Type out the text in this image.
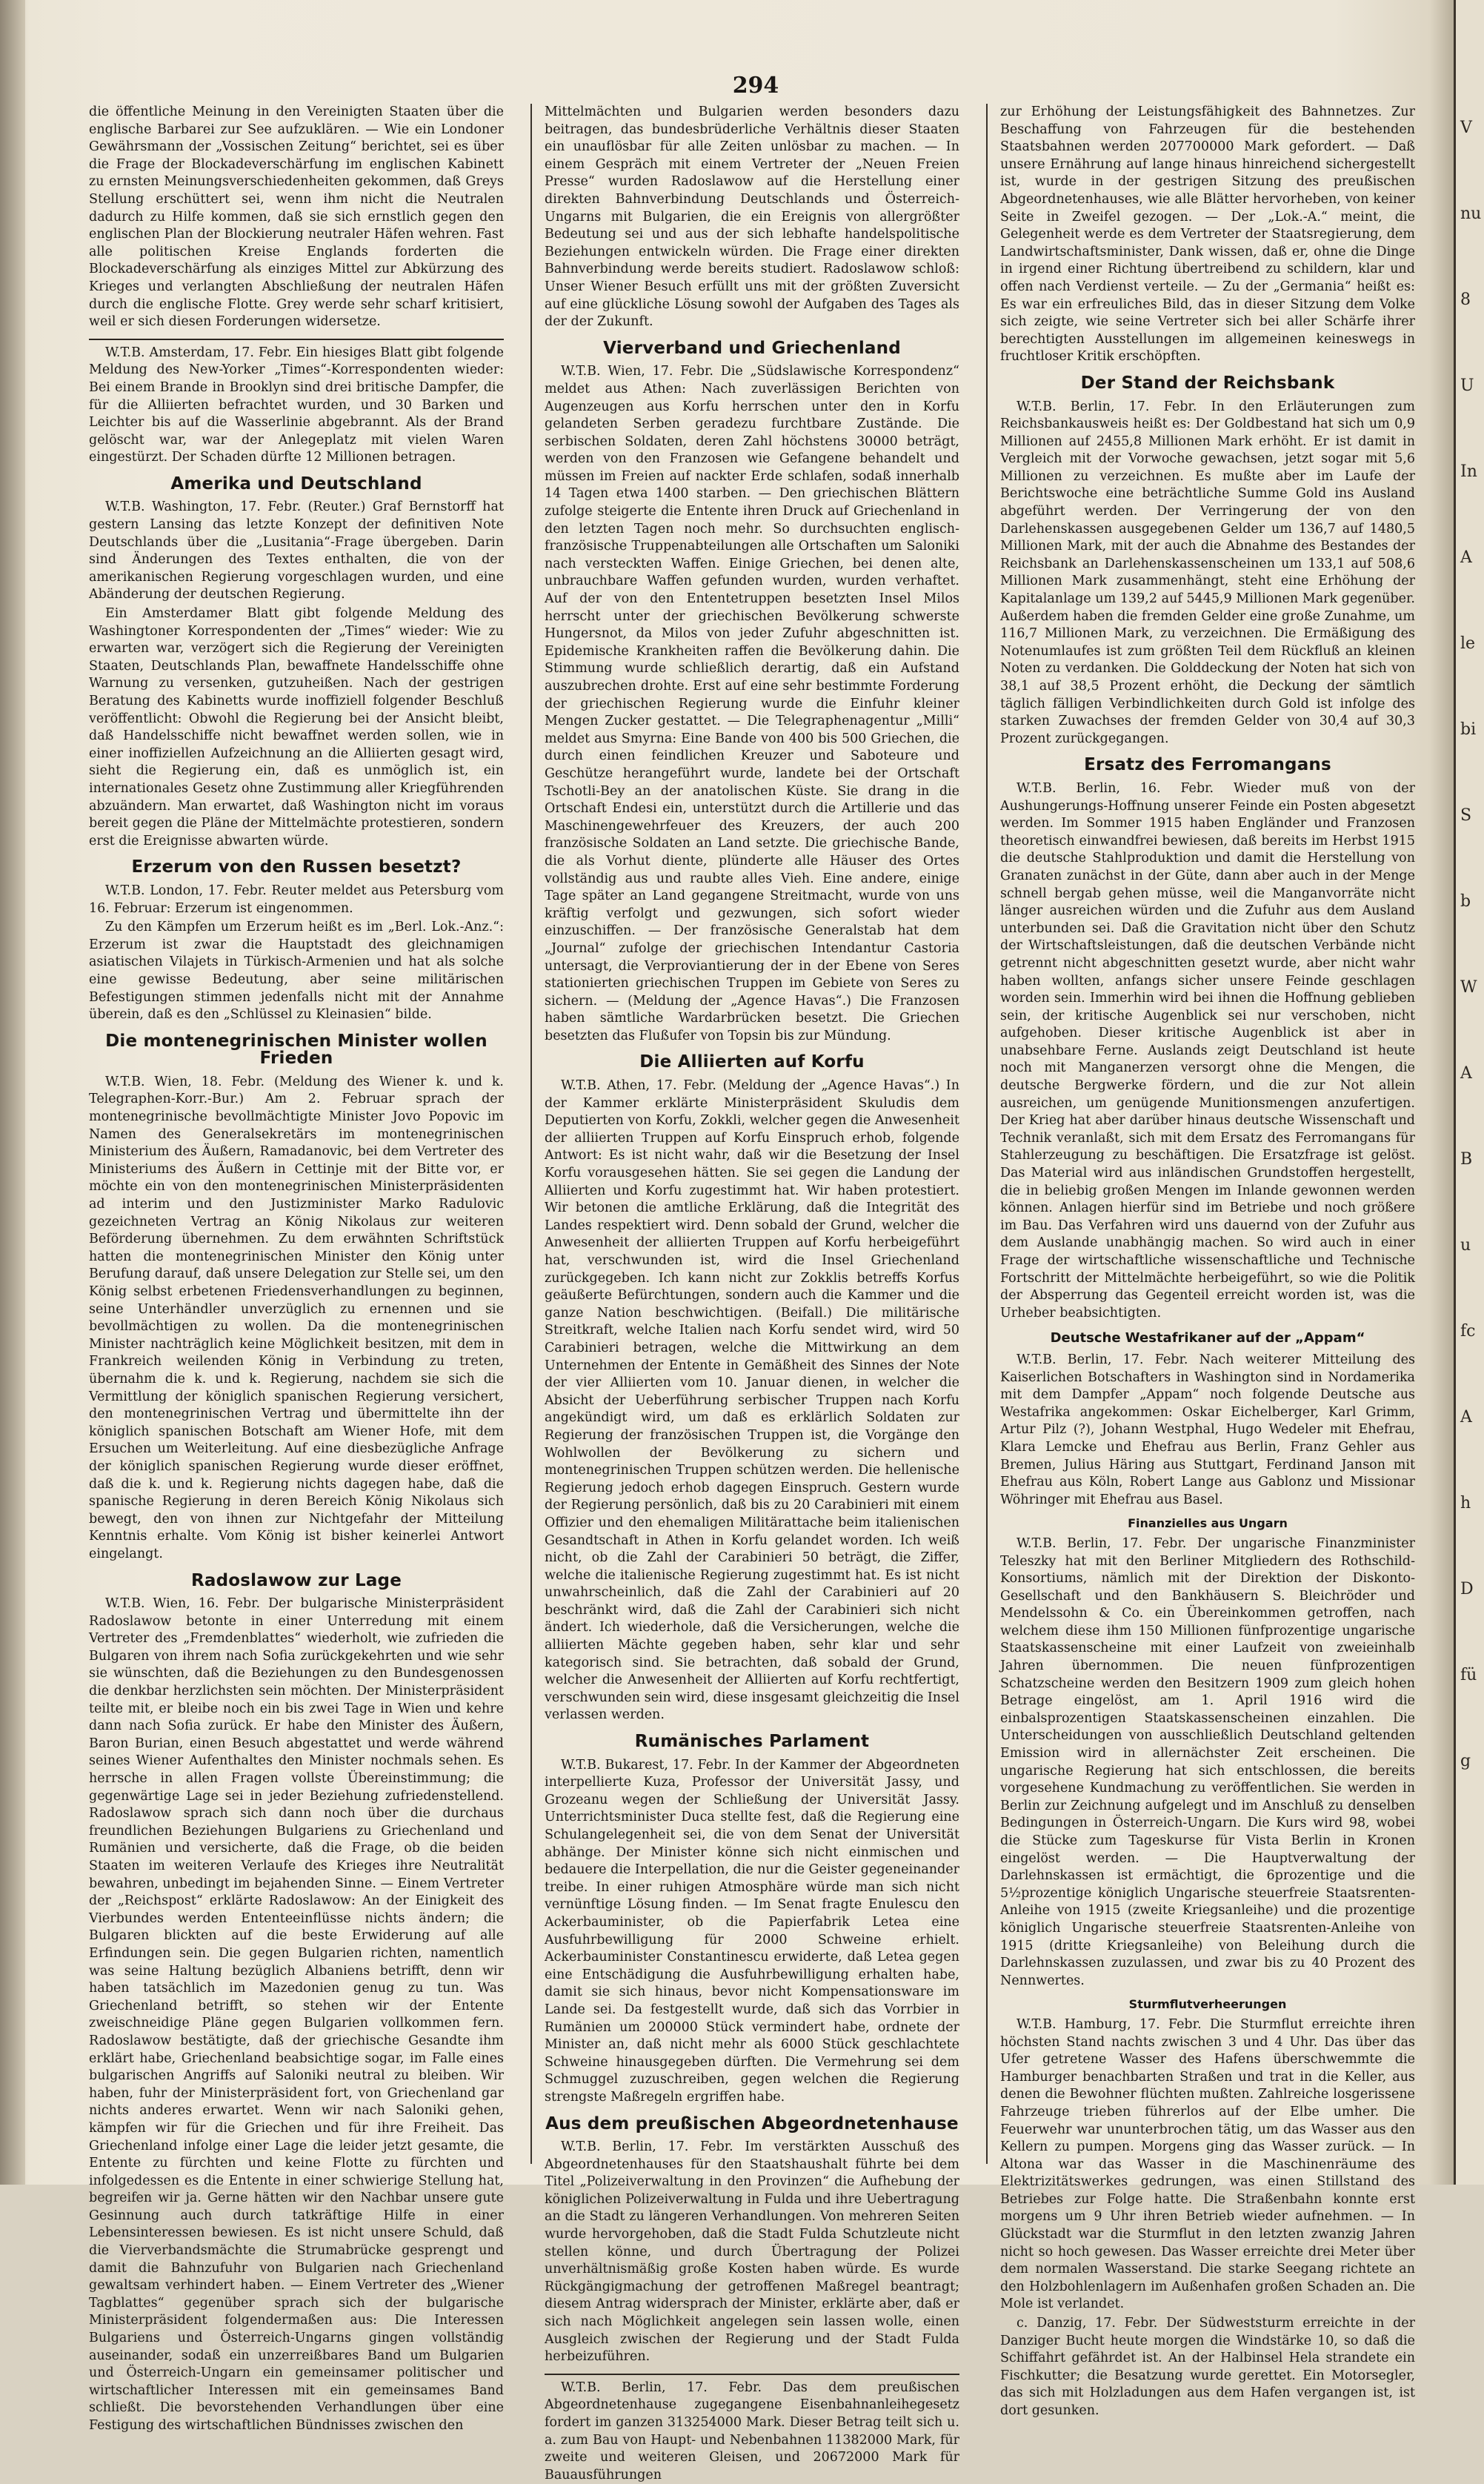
V
nu
8
U
In
A
le
bi
S
b
W
A
B
u
fc
A
h
D
fü
g
294

die öffentliche Meinung in den Vereinigten Staaten über die englische Barbarei zur See aufzuklären. — Wie ein Londoner Gewährsmann der „Vossischen Zeitung“ berichtet, sei es über die Frage der Blockadeverschärfung im englischen Kabinett zu ernsten Meinungsverschiedenheiten gekommen, daß Greys Stellung erschüttert sei, wenn ihm nicht die Neutralen dadurch zu Hilfe kommen, daß sie sich ernstlich gegen den englischen Plan der Blockierung neutraler Häfen wehren. Fast alle politischen Kreise Englands forderten die Blockadeverschärfung als einziges Mittel zur Abkürzung des Krieges und verlangten Abschließung der neutralen Häfen durch die englische Flotte. Grey werde sehr scharf kritisiert, weil er sich diesen Forderungen widersetze.

W.T.B. Amsterdam, 17. Febr. Ein hiesiges Blatt gibt folgende Meldung des New-Yorker „Times“-Korrespondenten wieder: Bei einem Brande in Brooklyn sind drei britische Dampfer, die für die Alliierten befrachtet wurden, und 30 Barken und Leichter bis auf die Wasserlinie abgebrannt. Als der Brand gelöscht war, war der Anlegeplatz mit vielen Waren eingestürzt. Der Schaden dürfte 12 Millionen betragen.

Amerika und Deutschland

W.T.B. Washington, 17. Febr. (Reuter.) Graf Bernstorff hat gestern Lansing das letzte Konzept der definitiven Note Deutschlands über die „Lusitania“-Frage übergeben. Darin sind Änderungen des Textes enthalten, die von der amerikanischen Regierung vorgeschlagen wurden, und eine Abänderung der deutschen Regierung.

Ein Amsterdamer Blatt gibt folgende Meldung des Washingtoner Korrespondenten der „Times“ wieder: Wie zu erwarten war, verzögert sich die Regierung der Vereinigten Staaten, Deutschlands Plan, bewaffnete Handelsschiffe ohne Warnung zu versenken, gutzuheißen. Nach der gestrigen Beratung des Kabinetts wurde inoffiziell folgender Beschluß veröffentlicht: Obwohl die Regierung bei der Ansicht bleibt, daß Handelsschiffe nicht bewaffnet werden sollen, wie in einer inoffiziellen Aufzeichnung an die Alliierten gesagt wird, sieht die Regierung ein, daß es unmöglich ist, ein internationales Gesetz ohne Zustimmung aller Kriegführenden abzuändern. Man erwartet, daß Washington nicht im voraus bereit gegen die Pläne der Mittelmächte protestieren, sondern erst die Ereignisse abwarten würde.

Erzerum von den Russen besetzt?

W.T.B. London, 17. Febr. Reuter meldet aus Petersburg vom 16. Februar: Erzerum ist eingenommen.

Zu den Kämpfen um Erzerum heißt es im „Berl. Lok.-Anz.“: Erzerum ist zwar die Hauptstadt des gleichnamigen asiatischen Vilajets in Türkisch-Armenien und hat als solche eine gewisse Bedeutung, aber seine militärischen Befestigungen stimmen jedenfalls nicht mit der Annahme überein, daß es den „Schlüssel zu Kleinasien“ bilde.

Die montenegrinischen Minister wollen Frieden

W.T.B. Wien, 18. Febr. (Meldung des Wiener k. und k. Telegraphen-Korr.-Bur.) Am 2. Februar sprach der montenegrinische bevollmächtigte Minister Jovo Popovic im Namen des Generalsekretärs im montenegrinischen Ministerium des Äußern, Ramadanovic, bei dem Vertreter des Ministeriums des Äußern in Cettinje mit der Bitte vor, er möchte ein von den montenegrinischen Ministerpräsidenten ad interim und den Justizminister Marko Radulovic gezeichneten Vertrag an König Nikolaus zur weiteren Beförderung übernehmen. Zu dem erwähnten Schriftstück hatten die montenegrinischen Minister den König unter Berufung darauf, daß unsere Delegation zur Stelle sei, um den König selbst erbetenen Friedensverhandlungen zu beginnen, seine Unterhändler unverzüglich zu ernennen und sie bevollmächtigen zu wollen. Da die montenegrinischen Minister nachträglich keine Möglichkeit besitzen, mit dem in Frankreich weilenden König in Verbindung zu treten, übernahm die k. und k. Regierung, nachdem sie sich die Vermittlung der königlich spanischen Regierung versichert, den montenegrinischen Vertrag und übermittelte ihn der königlich spanischen Botschaft am Wiener Hofe, mit dem Ersuchen um Weiterleitung. Auf eine diesbezügliche Anfrage der königlich spanischen Regierung wurde dieser eröffnet, daß die k. und k. Regierung nichts dagegen habe, daß die spanische Regierung in deren Bereich König Nikolaus sich bewegt, den von ihnen zur Nichtgefahr der Mitteilung Kenntnis erhalte. Vom König ist bisher keinerlei Antwort eingelangt.

Radoslawow zur Lage

W.T.B. Wien, 16. Febr. Der bulgarische Ministerpräsident Radoslawow betonte in einer Unterredung mit einem Vertreter des „Fremdenblattes“ wiederholt, wie zufrieden die Bulgaren von ihrem nach Sofia zurückgekehrten und wie sehr sie wünschten, daß die Beziehungen zu den Bundesgenossen die denkbar herzlichsten sein möchten. Der Ministerpräsident teilte mit, er bleibe noch ein bis zwei Tage in Wien und kehre dann nach Sofia zurück. Er habe den Minister des Äußern, Baron Burian, einen Besuch abgestattet und werde während seines Wiener Aufenthaltes den Minister nochmals sehen. Es herrsche in allen Fragen vollste Übereinstimmung; die gegenwärtige Lage sei in jeder Beziehung zufriedenstellend. Radoslawow sprach sich dann noch über die durchaus freundlichen Beziehungen Bulgariens zu Griechenland und Rumänien und versicherte, daß die Frage, ob die beiden Staaten im weiteren Verlaufe des Krieges ihre Neutralität bewahren, unbedingt im bejahenden Sinne. — Einem Vertreter der „Reichspost“ erklärte Radoslawow: An der Einigkeit des Vierbundes werden Ententeeinflüsse nichts ändern; die Bulgaren blickten auf die beste Erwiderung auf alle Erfindungen sein. Die gegen Bulgarien richten, namentlich was seine Haltung bezüglich Albaniens betrifft, denn wir haben tatsächlich im Mazedonien genug zu tun. Was Griechenland betrifft, so stehen wir der Entente zweischneidige Pläne gegen Bulgarien vollkommen fern. Radoslawow bestätigte, daß der griechische Gesandte ihm erklärt habe, Griechenland beabsichtige sogar, im Falle eines bulgarischen Angriffs auf Saloniki neutral zu bleiben. Wir haben, fuhr der Ministerpräsident fort, von Griechenland gar nichts anderes erwartet. Wenn wir nach Saloniki gehen, kämpfen wir für die Griechen und für ihre Freiheit. Das Griechenland infolge einer Lage die leider jetzt gesamte, die Entente zu fürchten und keine Flotte zu fürchten und infolgedessen es die Entente in einer schwierige Stellung hat, begreifen wir ja. Gerne hätten wir den Nachbar unsere gute Gesinnung auch durch tatkräftige Hilfe in einer Lebensinteressen bewiesen. Es ist nicht unsere Schuld, daß die Vierverbandsmächte die Strumabrücke gesprengt und damit die Bahnzufuhr von Bulgarien nach Griechenland gewaltsam verhindert haben. — Einem Vertreter des „Wiener Tagblattes“ gegenüber sprach sich der bulgarische Ministerpräsident folgendermaßen aus: Die Interessen Bulgariens und Österreich-Ungarns gingen vollständig auseinander, sodaß ein unzerreißbares Band um Bulgarien und Österreich-Ungarn ein gemeinsamer politischer und wirtschaftlicher Interessen mit ein gemeinsames Band schließt. Die bevorstehenden Verhandlungen über eine Festigung des wirtschaftlichen Bündnisses zwischen den

Mittelmächten und Bulgarien werden besonders dazu beitragen, das bundesbrüderliche Verhältnis dieser Staaten ein unauflösbar für alle Zeiten unlösbar zu machen. — In einem Gespräch mit einem Vertreter der „Neuen Freien Presse“ wurden Radoslawow auf die Herstellung einer direkten Bahnverbindung Deutschlands und Österreich-Ungarns mit Bulgarien, die ein Ereignis von allergrößter Bedeutung sei und aus der sich lebhafte handelspolitische Beziehungen entwickeln würden. Die Frage einer direkten Bahnverbindung werde bereits studiert. Radoslawow schloß: Unser Wiener Besuch erfüllt uns mit der größten Zuversicht auf eine glückliche Lösung sowohl der Aufgaben des Tages als der der Zukunft.

Vierverband und Griechenland

W.T.B. Wien, 17. Febr. Die „Südslawische Korrespondenz“ meldet aus Athen: Nach zuverlässigen Berichten von Augenzeugen aus Korfu herrschen unter den in Korfu gelandeten Serben geradezu furchtbare Zustände. Die serbischen Soldaten, deren Zahl höchstens 30000 beträgt, werden von den Franzosen wie Gefangene behandelt und müssen im Freien auf nackter Erde schlafen, sodaß innerhalb 14 Tagen etwa 1400 starben. — Den griechischen Blättern zufolge steigerte die Entente ihren Druck auf Griechenland in den letzten Tagen noch mehr. So durchsuchten englisch-französische Truppenabteilungen alle Ortschaften um Saloniki nach versteckten Waffen. Einige Griechen, bei denen alte, unbrauchbare Waffen gefunden wurden, wurden verhaftet. Auf der von den Ententetruppen besetzten Insel Milos herrscht unter der griechischen Bevölkerung schwerste Hungersnot, da Milos von jeder Zufuhr abgeschnitten ist. Epidemische Krankheiten raffen die Bevölkerung dahin. Die Stimmung wurde schließlich derartig, daß ein Aufstand auszubrechen drohte. Erst auf eine sehr bestimmte Forderung der griechischen Regierung wurde die Einfuhr kleiner Mengen Zucker gestattet. — Die Telegraphenagentur „Milli“ meldet aus Smyrna: Eine Bande von 400 bis 500 Griechen, die durch einen feindlichen Kreuzer und Saboteure und Geschütze herangeführt wurde, landete bei der Ortschaft Tschotli-Bey an der anatolischen Küste. Sie drang in die Ortschaft Endesi ein, unterstützt durch die Artillerie und das Maschinengewehrfeuer des Kreuzers, der auch 200 französische Soldaten an Land setzte. Die griechische Bande, die als Vorhut diente, plünderte alle Häuser des Ortes vollständig aus und raubte alles Vieh. Eine andere, einige Tage später an Land gegangene Streitmacht, wurde von uns kräftig verfolgt und gezwungen, sich sofort wieder einzuschiffen. — Der französische Generalstab hat dem „Journal“ zufolge der griechischen Intendantur Castoria untersagt, die Verproviantierung der in der Ebene von Seres stationierten griechischen Truppen im Gebiete von Seres zu sichern. — (Meldung der „Agence Havas“.) Die Franzosen haben sämtliche Wardarbrücken besetzt. Die Griechen besetzten das Flußufer von Topsin bis zur Mündung.

Die Alliierten auf Korfu

W.T.B. Athen, 17. Febr. (Meldung der „Agence Havas“.) In der Kammer erklärte Ministerpräsident Skuludis dem Deputierten von Korfu, Zokkli, welcher gegen die Anwesenheit der alliierten Truppen auf Korfu Einspruch erhob, folgende Antwort: Es ist nicht wahr, daß wir die Besetzung der Insel Korfu vorausgesehen hätten. Sie sei gegen die Landung der Alliierten und Korfu zugestimmt hat. Wir haben protestiert. Wir betonen die amtliche Erklärung, daß die Integrität des Landes respektiert wird. Denn sobald der Grund, welcher die Anwesenheit der alliierten Truppen auf Korfu herbeigeführt hat, verschwunden ist, wird die Insel Griechenland zurückgegeben. Ich kann nicht zur Zokklis betreffs Korfus geäußerte Befürchtungen, sondern auch die Kammer und die ganze Nation beschwichtigen. (Beifall.) Die militärische Streitkraft, welche Italien nach Korfu sendet wird, wird 50 Carabinieri betragen, welche die Mittwirkung an dem Unternehmen der Entente in Gemäßheit des Sinnes der Note der vier Alliierten vom 10. Januar dienen, in welcher die Absicht der Ueberführung serbischer Truppen nach Korfu angekündigt wird, um daß es erklärlich Soldaten zur Regierung der französischen Truppen ist, die Vorgänge den Wohlwollen der Bevölkerung zu sichern und montenegrinischen Truppen schützen werden. Die hellenische Regierung jedoch erhob dagegen Einspruch. Gestern wurde der Regierung persönlich, daß bis zu 20 Carabinieri mit einem Offizier und den ehemaligen Militärattache beim italienischen Gesandtschaft in Athen in Korfu gelandet worden. Ich weiß nicht, ob die Zahl der Carabinieri 50 beträgt, die Ziffer, welche die italienische Regierung zugestimmt hat. Es ist nicht unwahrscheinlich, daß die Zahl der Carabinieri auf 20 beschränkt wird, daß die Zahl der Carabinieri sich nicht ändert. Ich wiederhole, daß die Versicherungen, welche die alliierten Mächte gegeben haben, sehr klar und sehr kategorisch sind. Sie betrachten, daß sobald der Grund, welcher die Anwesenheit der Alliierten auf Korfu rechtfertigt, verschwunden sein wird, diese insgesamt gleichzeitig die Insel verlassen werden.

Rumänisches Parlament

W.T.B. Bukarest, 17. Febr. In der Kammer der Abgeordneten interpellierte Kuza, Professor der Universität Jassy, und Grozeanu wegen der Schließung der Universität Jassy. Unterrichtsminister Duca stellte fest, daß die Regierung eine Schulangelegenheit sei, die von dem Senat der Universität abhänge. Der Minister könne sich nicht einmischen und bedauere die Interpellation, die nur die Geister gegeneinander treibe. In einer ruhigen Atmosphäre würde man sich nicht vernünftige Lösung finden. — Im Senat fragte Enulescu den Ackerbauminister, ob die Papierfabrik Letea eine Ausfuhrbewilligung für 2000 Schweine erhielt. Ackerbauminister Constantinescu erwiderte, daß Letea gegen eine Entschädigung die Ausfuhrbewilligung erhalten habe, damit sie sich hinaus, bevor nicht Kompensationsware im Lande sei. Da festgestellt wurde, daß sich das Vorrbier in Rumänien um 200000 Stück vermindert habe, ordnete der Minister an, daß nicht mehr als 6000 Stück geschlachtete Schweine hinausgegeben dürften. Die Vermehrung sei dem Schmuggel zuzuschreiben, gegen welchen die Regierung strengste Maßregeln ergriffen habe.

Aus dem preußischen Abgeordnetenhause

W.T.B. Berlin, 17. Febr. Im verstärkten Ausschuß des Abgeordnetenhauses für den Staatshaushalt führte bei dem Titel „Polizeiverwaltung in den Provinzen“ die Aufhebung der königlichen Polizeiverwaltung in Fulda und ihre Uebertragung an die Stadt zu längeren Verhandlungen. Von mehreren Seiten wurde hervorgehoben, daß die Stadt Fulda Schutzleute nicht stellen könne, und durch Übertragung der Polizei unverhältnismäßig große Kosten haben würde. Es wurde Rückgängigmachung der getroffenen Maßregel beantragt; diesem Antrag widersprach der Minister, erklärte aber, daß er sich nach Möglichkeit angelegen sein lassen wolle, einen Ausgleich zwischen der Regierung und der Stadt Fulda herbeizuführen.

W.T.B. Berlin, 17. Febr. Das dem preußischen Abgeordnetenhause zugegangene Eisenbahnanleihegesetz fordert im ganzen 313254000 Mark. Dieser Betrag teilt sich u. a. zum Bau von Haupt- und Nebenbahnen 11382000 Mark, für zweite und weiteren Gleisen, und 20672000 Mark für Bauausführungen

zur Erhöhung der Leistungsfähigkeit des Bahnnetzes. Zur Beschaffung von Fahrzeugen für die bestehenden Staatsbahnen werden 207700000 Mark gefordert. — Daß unsere Ernährung auf lange hinaus hinreichend sichergestellt ist, wurde in der gestrigen Sitzung des preußischen Abgeordnetenhauses, wie alle Blätter hervorheben, von keiner Seite in Zweifel gezogen. — Der „Lok.-A.“ meint, die Gelegenheit werde es dem Vertreter der Staatsregierung, dem Landwirtschaftsminister, Dank wissen, daß er, ohne die Dinge in irgend einer Richtung übertreibend zu schildern, klar und offen nach Verdienst verteile. — Zu der „Germania“ heißt es: Es war ein erfreuliches Bild, das in dieser Sitzung dem Volke sich zeigte, wie seine Vertreter sich bei aller Schärfe ihrer berechtigten Ausstellungen im allgemeinen keineswegs in fruchtloser Kritik erschöpften.

Der Stand der Reichsbank

W.T.B. Berlin, 17. Febr. In den Erläuterungen zum Reichsbankausweis heißt es: Der Goldbestand hat sich um 0,9 Millionen auf 2455,8 Millionen Mark erhöht. Er ist damit in Vergleich mit der Vorwoche gewachsen, jetzt sogar mit 5,6 Millionen zu verzeichnen. Es mußte aber im Laufe der Berichtswoche eine beträchtliche Summe Gold ins Ausland abgeführt werden. Der Verringerung der von den Darlehenskassen ausgegebenen Gelder um 136,7 auf 1480,5 Millionen Mark, mit der auch die Abnahme des Bestandes der Reichsbank an Darlehenskassenscheinen um 133,1 auf 508,6 Millionen Mark zusammenhängt, steht eine Erhöhung der Kapitalanlage um 139,2 auf 5445,9 Millionen Mark gegenüber. Außerdem haben die fremden Gelder eine große Zunahme, um 116,7 Millionen Mark, zu verzeichnen. Die Ermäßigung des Notenumlaufes ist zum größten Teil dem Rückfluß an kleinen Noten zu verdanken. Die Golddeckung der Noten hat sich von 38,1 auf 38,5 Prozent erhöht, die Deckung der sämtlich täglich fälligen Verbindlichkeiten durch Gold ist infolge des starken Zuwachses der fremden Gelder von 30,4 auf 30,3 Prozent zurückgegangen.

Ersatz des Ferromangans

W.T.B. Berlin, 16. Febr. Wieder muß von der Aushungerungs-Hoffnung unserer Feinde ein Posten abgesetzt werden. Im Sommer 1915 haben Engländer und Franzosen theoretisch einwandfrei bewiesen, daß bereits im Herbst 1915 die deutsche Stahlproduktion und damit die Herstellung von Granaten zunächst in der Güte, dann aber auch in der Menge schnell bergab gehen müsse, weil die Manganvorräte nicht länger ausreichen würden und die Zufuhr aus dem Ausland unterbunden sei. Daß die Gravitation nicht über den Schutz der Wirtschaftsleistungen, daß die deutschen Verbände nicht getrennt nicht abgeschnitten gesetzt wurde, aber nicht wahr haben wollten, anfangs sicher unsere Feinde geschlagen worden sein. Immerhin wird bei ihnen die Hoffnung geblieben sein, der kritische Augenblick sei nur verschoben, nicht aufgehoben. Dieser kritische Augenblick ist aber in unabsehbare Ferne. Auslands zeigt Deutschland ist heute noch mit Manganerzen versorgt ohne die Mengen, die deutsche Bergwerke fördern, und die zur Not allein ausreichen, um genügende Munitionsmengen anzufertigen. Der Krieg hat aber darüber hinaus deutsche Wissenschaft und Technik veranlaßt, sich mit dem Ersatz des Ferromangans für Stahlerzeugung zu beschäftigen. Die Ersatzfrage ist gelöst. Das Material wird aus inländischen Grundstoffen hergestellt, die in beliebig großen Mengen im Inlande gewonnen werden können. Anlagen hierfür sind im Betriebe und noch größere im Bau. Das Verfahren wird uns dauernd von der Zufuhr aus dem Auslande unabhängig machen. So wird auch in einer Frage der wirtschaftliche wissenschaftliche und Technische Fortschritt der Mittelmächte herbeigeführt, so wie die Politik der Absperrung das Gegenteil erreicht worden ist, was die Urheber beabsichtigten.

Deutsche Westafrikaner auf der „Appam“

W.T.B. Berlin, 17. Febr. Nach weiterer Mitteilung des Kaiserlichen Botschafters in Washington sind in Nordamerika mit dem Dampfer „Appam“ noch folgende Deutsche aus Westafrika angekommen: Oskar Eichelberger, Karl Grimm, Artur Pilz (?), Johann Westphal, Hugo Wedeler mit Ehefrau, Klara Lemcke und Ehefrau aus Berlin, Franz Gehler aus Bremen, Julius Häring aus Stuttgart, Ferdinand Janson mit Ehefrau aus Köln, Robert Lange aus Gablonz und Missionar Wöhringer mit Ehefrau aus Basel.

Finanzielles aus Ungarn

W.T.B. Berlin, 17. Febr. Der ungarische Finanzminister Teleszky hat mit den Berliner Mitgliedern des Rothschild-Konsortiums, nämlich mit der Direktion der Diskonto-Gesellschaft und den Bankhäusern S. Bleichröder und Mendelssohn & Co. ein Übereinkommen getroffen, nach welchem diese ihm 150 Millionen fünfprozentige ungarische Staatskassenscheine mit einer Laufzeit von zweieinhalb Jahren übernommen. Die neuen fünfprozentigen Schatzscheine werden den Besitzern 1909 zum gleich hohen Betrage eingelöst, am 1. April 1916 wird die einbalsprozentigen Staatskassenscheinen einzahlen. Die Unterscheidungen von ausschließlich Deutschland geltenden Emission wird in allernächster Zeit erscheinen. Die ungarische Regierung hat sich entschlossen, die bereits vorgesehene Kundmachung zu veröffentlichen. Sie werden in Berlin zur Zeichnung aufgelegt und im Anschluß zu denselben Bedingungen in Österreich-Ungarn. Die Kurs wird 98, wobei die Stücke zum Tageskurse für Vista Berlin in Kronen eingelöst werden. — Die Hauptverwaltung der Darlehnskassen ist ermächtigt, die 6prozentige und die 5½prozentige königlich Ungarische steuerfreie Staatsrenten-Anleihe von 1915 (zweite Kriegsanleihe) und die prozentige königlich Ungarische steuerfreie Staatsrenten-Anleihe von 1915 (dritte Kriegsanleihe) von Beleihung durch die Darlehnskassen zuzulassen, und zwar bis zu 40 Prozent des Nennwertes.

Sturmflutverheerungen

W.T.B. Hamburg, 17. Febr. Die Sturmflut erreichte ihren höchsten Stand nachts zwischen 3 und 4 Uhr. Das über das Ufer getretene Wasser des Hafens überschwemmte die Hamburger benachbarten Straßen und trat in die Keller, aus denen die Bewohner flüchten mußten. Zahlreiche losgerissene Fahrzeuge trieben führerlos auf der Elbe umher. Die Feuerwehr war ununterbrochen tätig, um das Wasser aus den Kellern zu pumpen. Morgens ging das Wasser zurück. — In Altona war das Wasser in die Maschinenräume des Elektrizitätswerkes gedrungen, was einen Stillstand des Betriebes zur Folge hatte. Die Straßenbahn konnte erst morgens um 9 Uhr ihren Betrieb wieder aufnehmen. — In Glückstadt war die Sturmflut in den letzten zwanzig Jahren nicht so hoch gewesen. Das Wasser erreichte drei Meter über dem normalen Wasserstand. Die starke Seegang richtete an den Holzbohlenlagern im Außenhafen großen Schaden an. Die Mole ist verlandet.

c. Danzig, 17. Febr. Der Südweststurm erreichte in der Danziger Bucht heute morgen die Windstärke 10, so daß die Schiffahrt gefährdet ist. An der Halbinsel Hela strandete ein Fischkutter; die Besatzung wurde gerettet. Ein Motorsegler, das sich mit Holzladungen aus dem Hafen vergangen ist, ist dort gesunken.
